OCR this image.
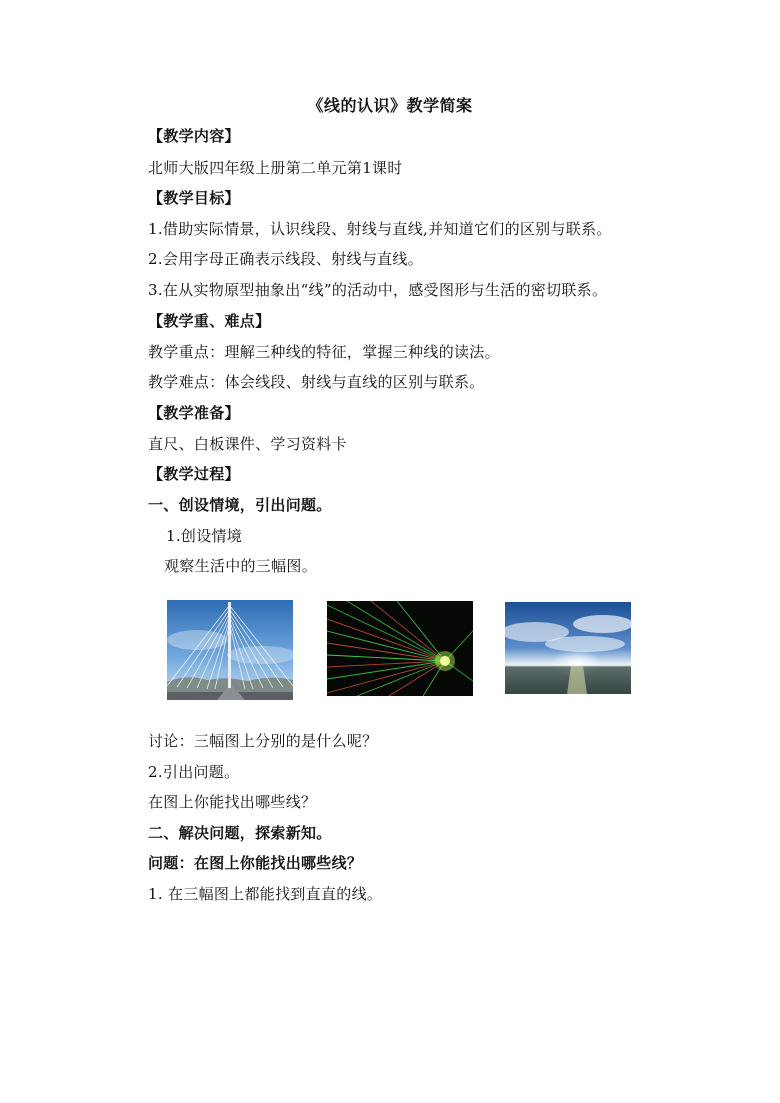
《线的认识》教学简案
【教学内容】
北师大版四年级上册第二单元第1课时
【教学目标】
1.借助实际情景，认识线段、射线与直线,并知道它们的区别与联系。
2.会用字母正确表示线段、射线与直线。
3.在从实物原型抽象出“线”的活动中，感受图形与生活的密切联系。
【教学重、难点】
教学重点：理解三种线的特征，掌握三种线的读法。
教学难点：体会线段、射线与直线的区别与联系。
【教学准备】
直尺、白板课件、学习资料卡
【教学过程】
一、创设情境，引出问题。
1.创设情境
观察生活中的三幅图。
讨论：三幅图上分别的是什么呢？
2.引出问题。
在图上你能找出哪些线？
二、解决问题，探索新知。
问题：在图上你能找出哪些线？
1. 在三幅图上都能找到直直的线。
